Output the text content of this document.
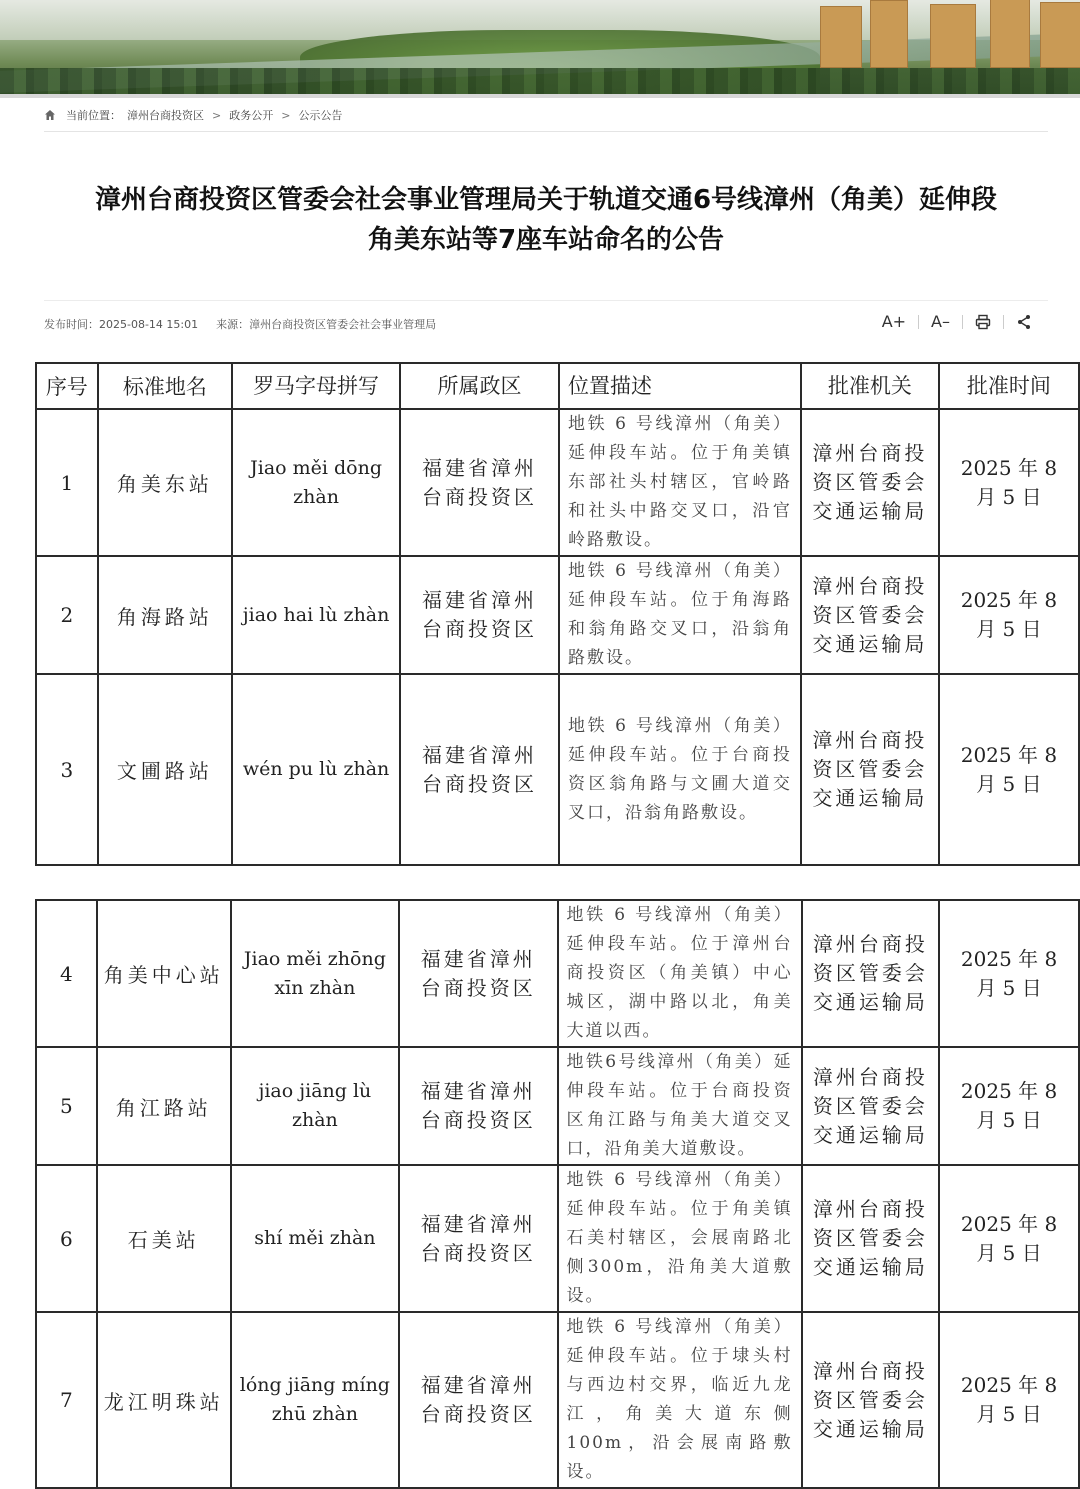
当前位置： 漳州台商投资区 > 政务公开 > 公示公告
漳州台商投资区管委会社会事业管理局关于轨道交通6号线漳州（角美）延伸段
角美东站等7座车站命名的公告
发布时间：2025-08-14 15:01 来源：漳州台商投资区管委会社会事业管理局	A+	A–
序号	标准地名	罗马字母拼写	所属政区	位置描述	批准机关	批准时间
1	角美东站	Jiao měi dōng zhàn	福建省漳州台商投资区	地铁 6 号线漳州（角美）延伸段车站。位于角美镇东部社头村辖区，官岭路和社头中路交叉口，沿官岭路敷设。	漳州台商投资区管委会交通运输局	2025 年 8 月 5 日
2	角海路站	jiao hai lù zhàn	福建省漳州台商投资区	地铁 6 号线漳州（角美）延伸段车站。位于角海路和翁角路交叉口，沿翁角路敷设。	漳州台商投资区管委会交通运输局	2025 年 8 月 5 日
3	文圃路站	wén pu lù zhàn	福建省漳州台商投资区	地铁 6 号线漳州（角美）延伸段车站。位于台商投资区翁角路与文圃大道交叉口，沿翁角路敷设。	漳州台商投资区管委会交通运输局	2025 年 8 月 5 日
4	角美中心站	Jiao měi zhōng xīn zhàn	福建省漳州台商投资区	地铁 6 号线漳州（角美）延伸段车站。位于漳州台商投资区（角美镇）中心城区，湖中路以北，角美大道以西。	漳州台商投资区管委会交通运输局	2025 年 8 月 5 日
5	角江路站	jiao jiāng lù zhàn	福建省漳州台商投资区	地铁6号线漳州（角美）延伸段车站。位于台商投资区角江路与角美大道交叉口，沿角美大道敷设。	漳州台商投资区管委会交通运输局	2025 年 8 月 5 日
6	石美站	shí měi zhàn	福建省漳州台商投资区	地铁 6 号线漳州（角美）延伸段车站。位于角美镇石美村辖区，会展南路北侧300m，沿角美大道敷设。	漳州台商投资区管委会交通运输局	2025 年 8 月 5 日
7	龙江明珠站	lóng jiāng míng zhū zhàn	福建省漳州台商投资区	地铁 6 号线漳州（角美）延伸段车站。位于埭头村与西边村交界，临近九龙江，角美大道东侧 100m，沿会展南路敷设。	漳州台商投资区管委会交通运输局	2025 年 8 月 5 日
